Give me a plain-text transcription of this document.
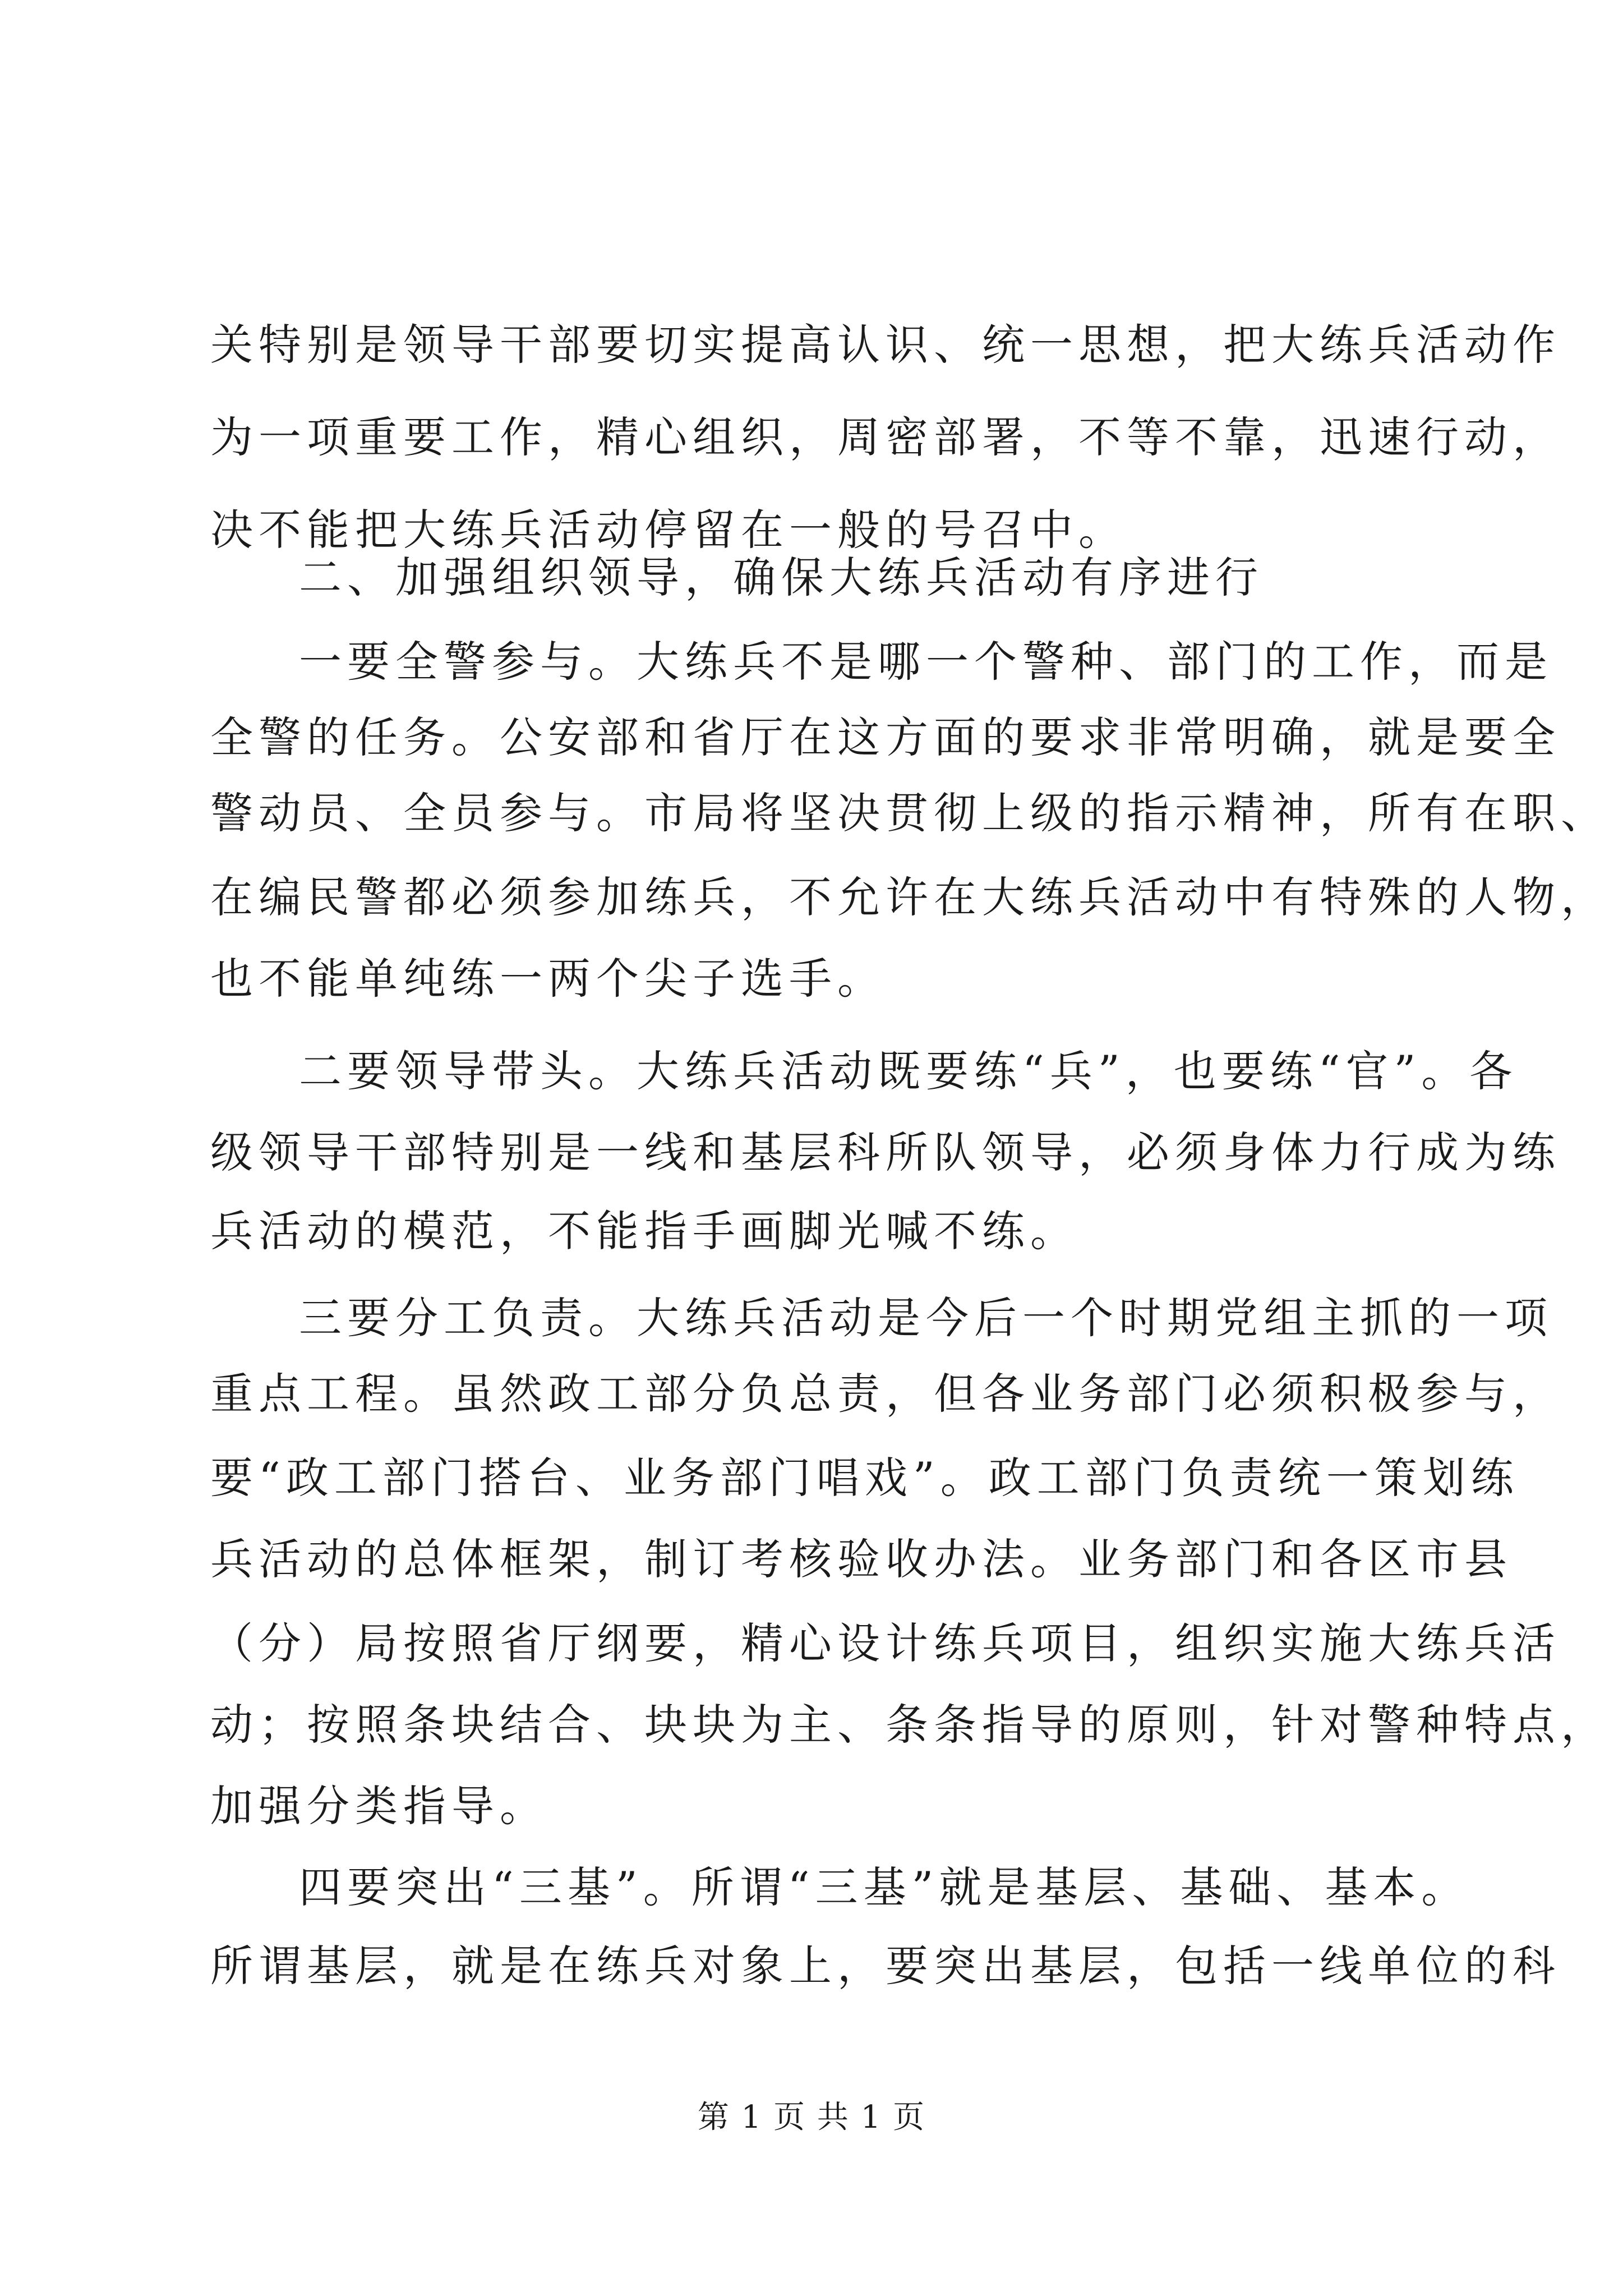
关特别是领导干部要切实提高认识、统一思想，把大练兵活动作
为一项重要工作，精心组织，周密部署，不等不靠，迅速行动，
决不能把大练兵活动停留在一般的号召中。
二、加强组织领导，确保大练兵活动有序进行
一要全警参与。大练兵不是哪一个警种、部门的工作，而是
全警的任务。公安部和省厅在这方面的要求非常明确，就是要全
警动员、全员参与。市局将坚决贯彻上级的指示精神，所有在职、
在编民警都必须参加练兵，不允许在大练兵活动中有特殊的人物，
也不能单纯练一两个尖子选手。
二要领导带头。大练兵活动既要练“兵”，也要练“官”。各
级领导干部特别是一线和基层科所队领导，必须身体力行成为练
兵活动的模范，不能指手画脚光喊不练。
三要分工负责。大练兵活动是今后一个时期党组主抓的一项
重点工程。虽然政工部分负总责，但各业务部门必须积极参与，
要“政工部门搭台、业务部门唱戏”。政工部门负责统一策划练
兵活动的总体框架，制订考核验收办法。业务部门和各区市县
（分）局按照省厅纲要，精心设计练兵项目，组织实施大练兵活
动；按照条块结合、块块为主、条条指导的原则，针对警种特点，
加强分类指导。
四要突出“三基”。所谓“三基”就是基层、基础、基本。
所谓基层，就是在练兵对象上，要突出基层，包括一线单位的科
第 1 页 共 1 页
